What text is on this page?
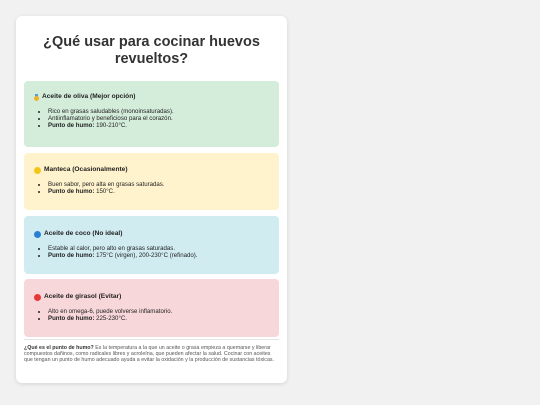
¿Qué usar para cocinar huevos revueltos?
Aceite de oliva (Mejor opción)
• Rico en grasas saludables (monoinsaturadas).
• Antiinflamatorio y beneficioso para el corazón.
• Punto de humo: 190-210°C.
Manteca (Ocasionalmente)
• Buen sabor, pero alta en grasas saturadas.
• Punto de humo: 150°C.
Aceite de coco (No ideal)
• Estable al calor, pero alto en grasas saturadas.
• Punto de humo: 175°C (virgen), 200-230°C (refinado).
Aceite de girasol (Evitar)
• Alto en omega-6, puede volverse inflamatorio.
• Punto de humo: 225-230°C.
¿Qué es el punto de humo? Es la temperatura a la que un aceite o grasa empieza a quemarse y liberar compuestos dañinos, como radicales libres y acroleína, que pueden afectar la salud. Cocinar con aceites que tengan un punto de humo adecuado ayuda a evitar la oxidación y la producción de sustancias tóxicas.
